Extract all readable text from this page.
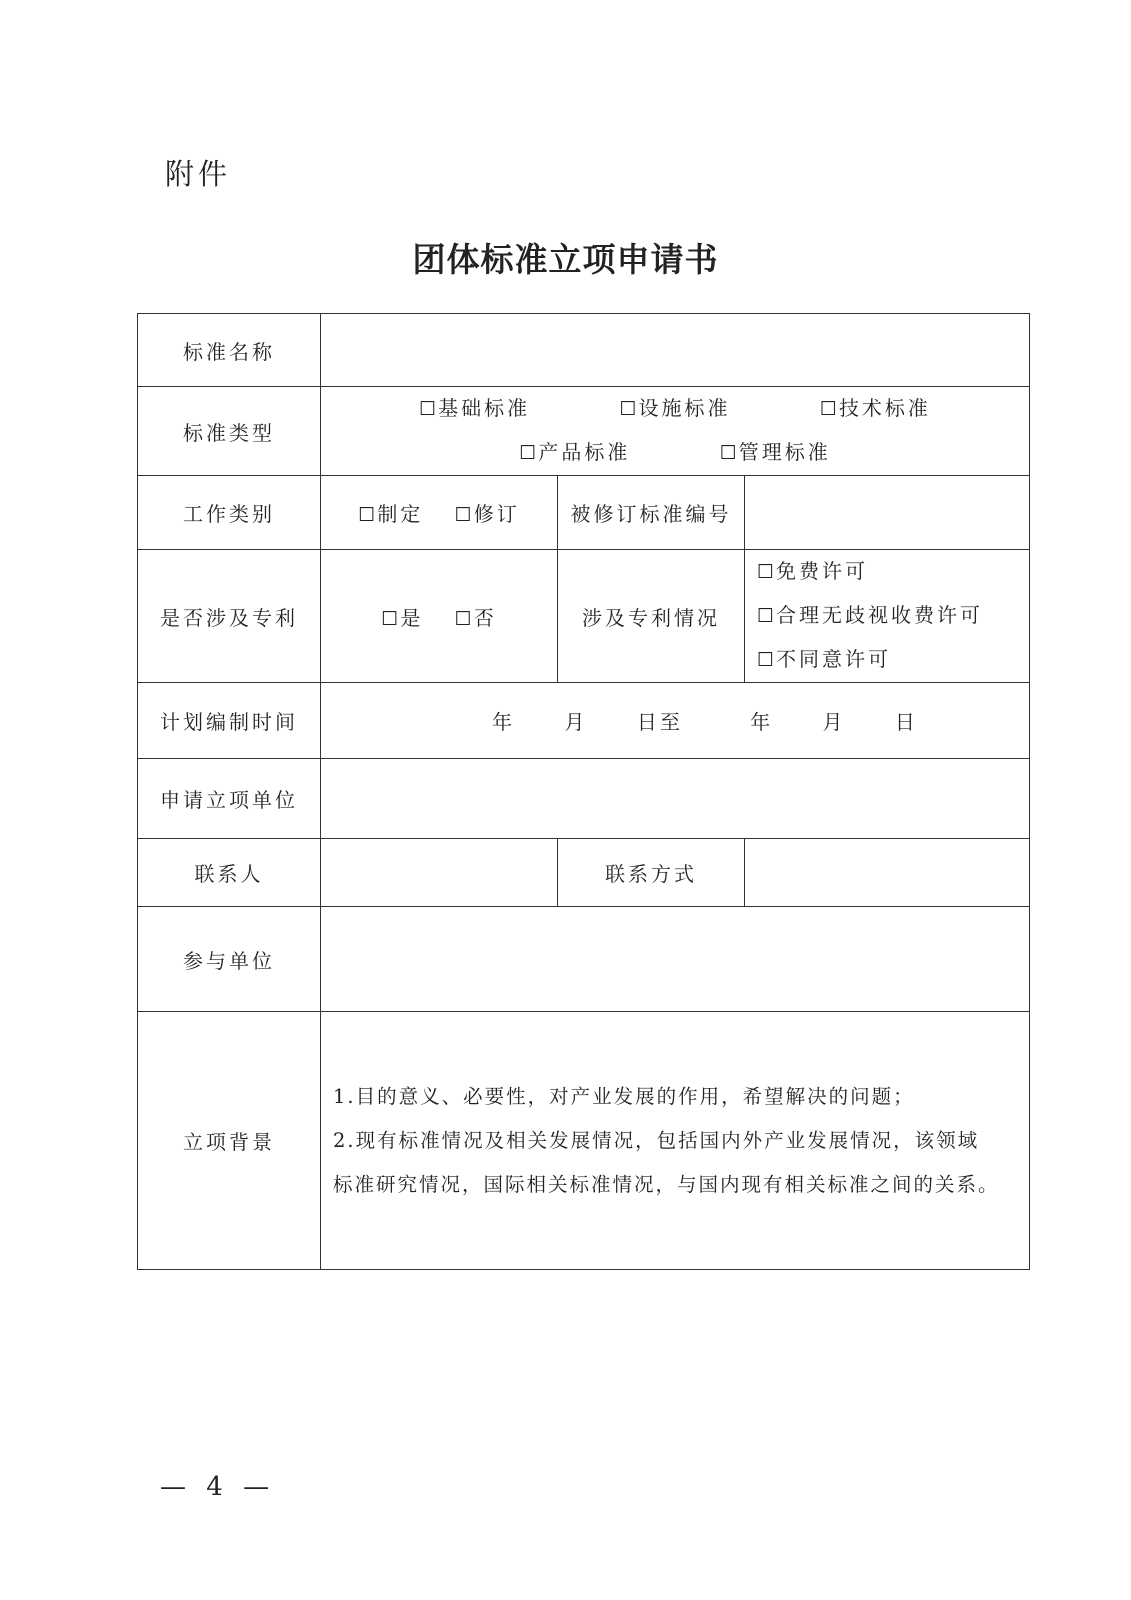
附件
团体标准立项申请书
标准名称			
标准类型	☐ 基础标准 ☐ 设施标准 ☐ 技术标准
☐ 产品标准 ☐ 管理标准		

工作类别	☐ 制定 ☐ 修订	被修订标准编号	
是否涉及专利	☐ 是 ☐ 否	涉及专利情况	☐ 免费许可
☐ 合理无歧视收费许可
☐ 不同意许可

计划编制时间	年 月 日至 年 月 日		
申请立项单位			
联系人		联系方式	
参与单位			
立项背景	1.目的意义、必要性，对产业发展的作用，希望解决的问题；
2.现有标准情况及相关发展情况，包括国内外产业发展情况，该领域
标准研究情况，国际相关标准情况，与国内现有相关标准之间的关系。		
— 4 —
